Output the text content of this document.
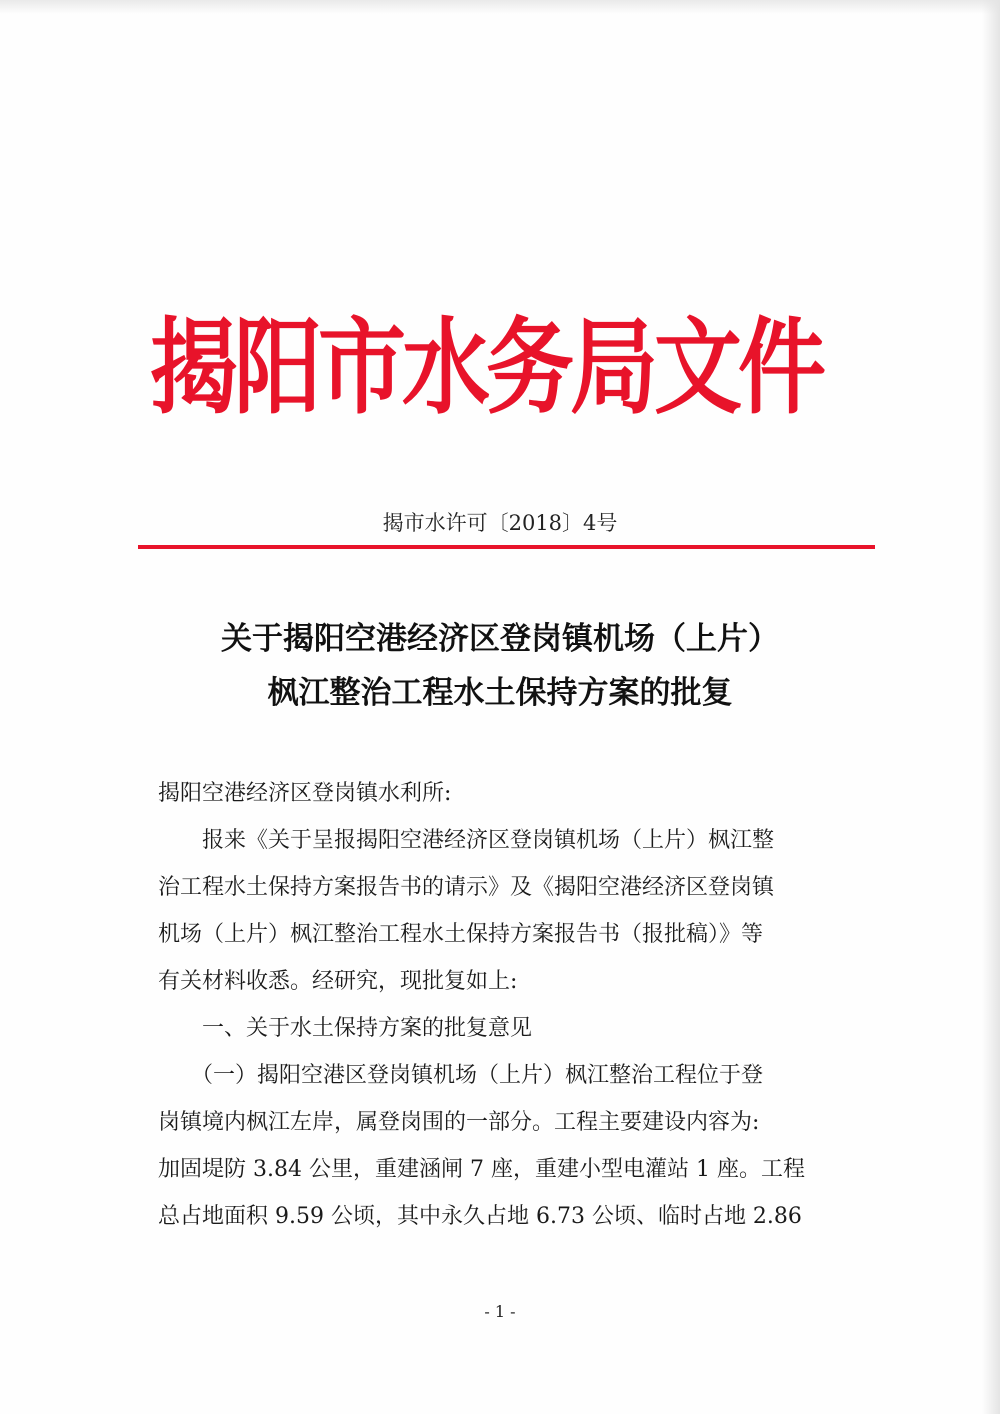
揭阳市水务局文件
揭市水许可〔2018〕4号
关于揭阳空港经济区登岗镇机场（上片）
枫江整治工程水土保持方案的批复
揭阳空港经济区登岗镇水利所:
　　报来《关于呈报揭阳空港经济区登岗镇机场（上片）枫江整
治工程水土保持方案报告书的请示》及《揭阳空港经济区登岗镇
机场（上片）枫江整治工程水土保持方案报告书（报批稿）》等
有关材料收悉。经研究，现批复如上:
　　一、关于水土保持方案的批复意见
　　（一）揭阳空港区登岗镇机场（上片）枫江整治工程位于登
岗镇境内枫江左岸，属登岗围的一部分。工程主要建设内容为:
加固堤防 3.84 公里，重建涵闸 7 座，重建小型电灌站 1 座。工程
总占地面积 9.59 公顷，其中永久占地 6.73 公顷、临时占地 2.86
- 1 -
